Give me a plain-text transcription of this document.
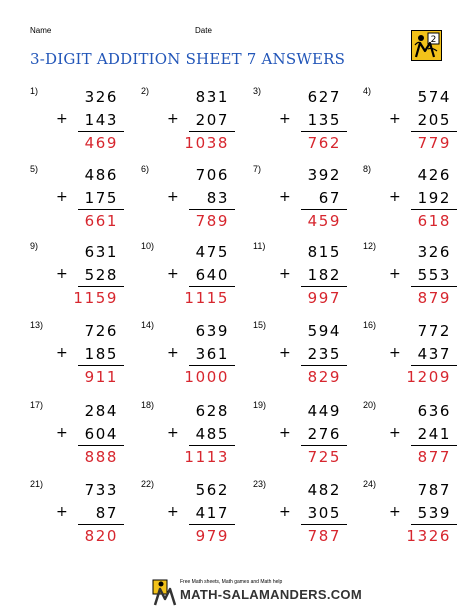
Name	Date
3-DIGIT ADDITION SHEET 7 ANSWERS
2
1)	326
+ 143
469
2)	831
+ 207
1038
3)	627
+ 135
762
4)	574
+ 205
779
5)	486
+ 175
661
6)	706
+ 83
789
7)	392
+ 67
459
8)	426
+ 192
618
9)	631
+ 528
1159
10)	475
+ 640
1115
11)	815
+ 182
997
12)	326
+ 553
879
13)	726
+ 185
911
14)	639
+ 361
1000
15)	594
+ 235
829
16)	772
+ 437
1209
17)	284
+ 604
888
18)	628
+ 485
1113
19)	449
+ 276
725
20)	636
+ 241
877
21)	733
+ 87
820
22)	562
+ 417
979
23)	482
+ 305
787
24)	787
+ 539
1326
Free Math sheets, Math games and Math help
MATH-SALAMANDERS.COM
